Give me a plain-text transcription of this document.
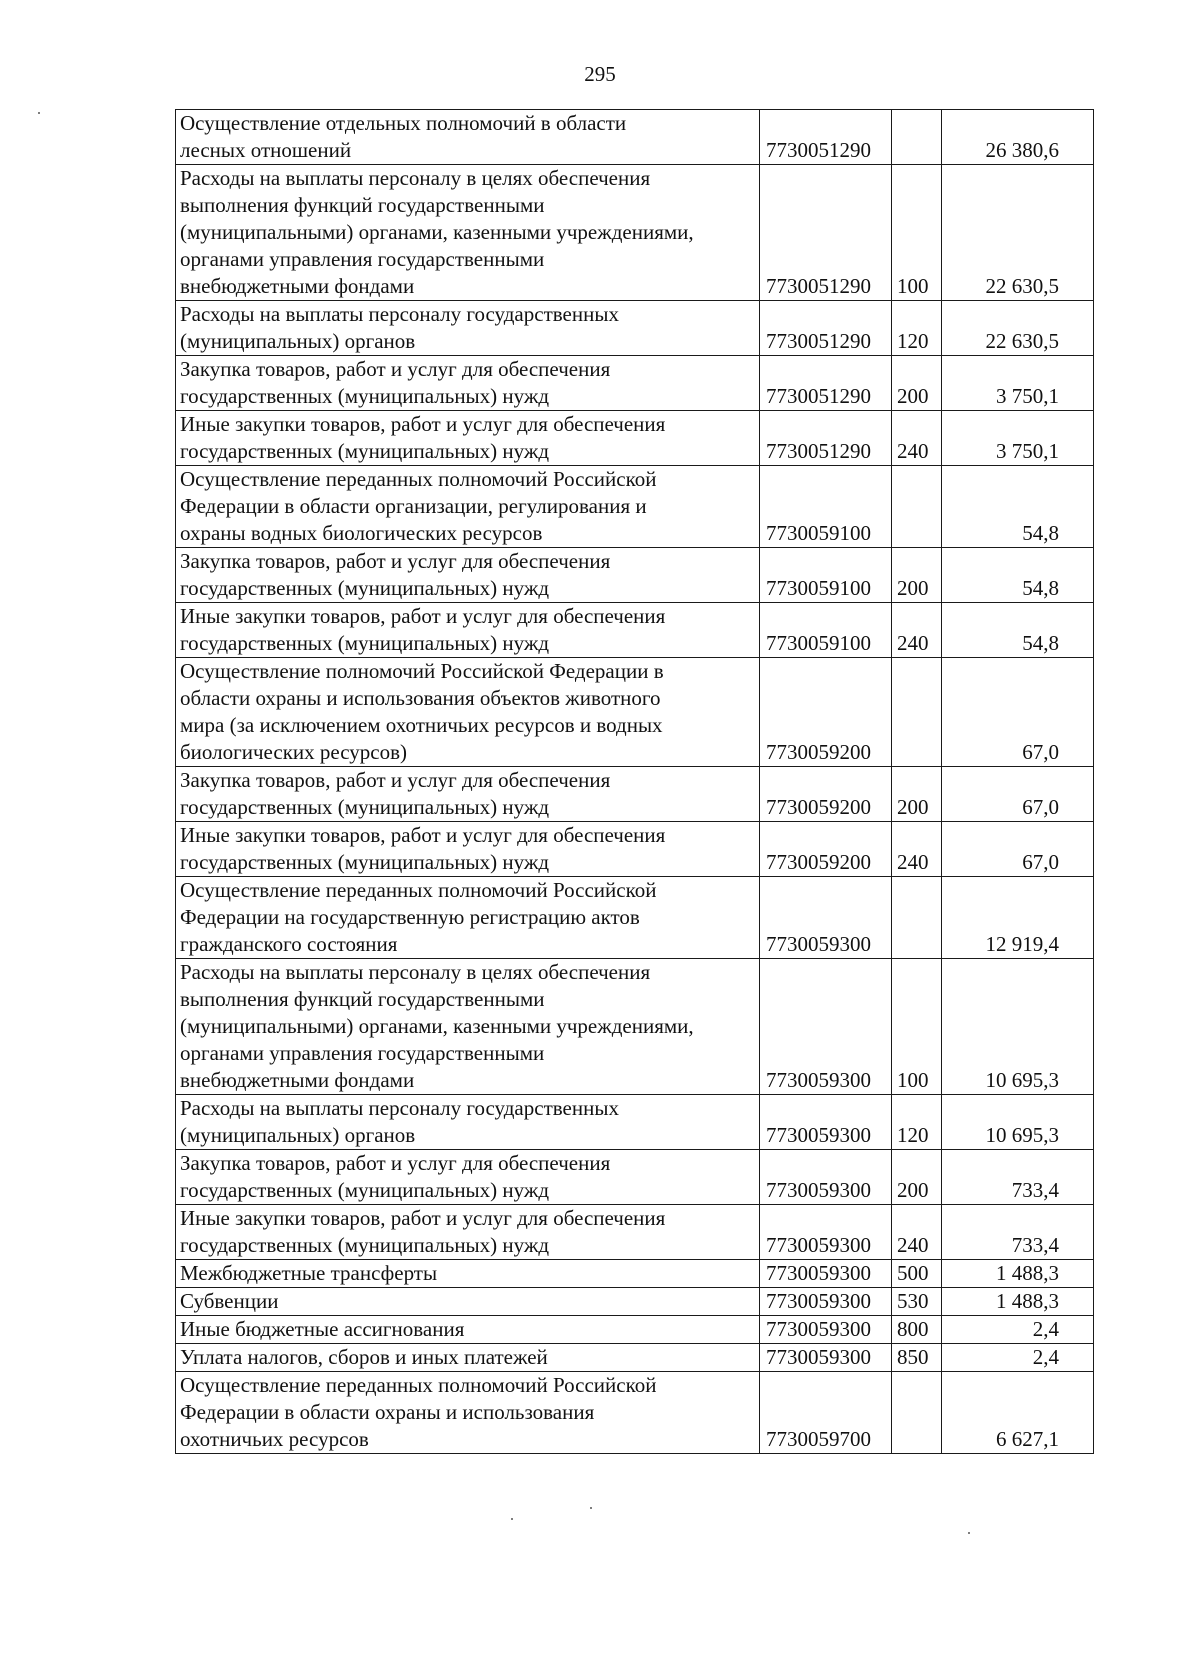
295
Осуществление отдельных полномочий в области
лесных отношений	7730051290		26 380,6

Расходы на выплаты персоналу в целях обеспечения
выполнения функций государственными
(муниципальными) органами, казенными учреждениями,
органами управления государственными
внебюджетными фондами	7730051290	100	22 630,5

Расходы на выплаты персоналу государственных
(муниципальных) органов	7730051290	120	22 630,5

Закупка товаров, работ и услуг для обеспечения
государственных (муниципальных) нужд	7730051290	200	3 750,1

Иные закупки товаров, работ и услуг для обеспечения
государственных (муниципальных) нужд	7730051290	240	3 750,1

Осуществление переданных полномочий Российской
Федерации в области организации, регулирования и
охраны водных биологических ресурсов	7730059100		54,8

Закупка товаров, работ и услуг для обеспечения
государственных (муниципальных) нужд	7730059100	200	54,8

Иные закупки товаров, работ и услуг для обеспечения
государственных (муниципальных) нужд	7730059100	240	54,8

Осуществление полномочий Российской Федерации в
области охраны и использования объектов животного
мира (за исключением охотничьих ресурсов и водных
биологических ресурсов)	7730059200		67,0

Закупка товаров, работ и услуг для обеспечения
государственных (муниципальных) нужд	7730059200	200	67,0

Иные закупки товаров, работ и услуг для обеспечения
государственных (муниципальных) нужд	7730059200	240	67,0

Осуществление переданных полномочий Российской
Федерации на государственную регистрацию актов
гражданского состояния	7730059300		12 919,4

Расходы на выплаты персоналу в целях обеспечения
выполнения функций государственными
(муниципальными) органами, казенными учреждениями,
органами управления государственными
внебюджетными фондами	7730059300	100	10 695,3

Расходы на выплаты персоналу государственных
(муниципальных) органов	7730059300	120	10 695,3

Закупка товаров, работ и услуг для обеспечения
государственных (муниципальных) нужд	7730059300	200	733,4

Иные закупки товаров, работ и услуг для обеспечения
государственных (муниципальных) нужд	7730059300	240	733,4

Межбюджетные трансферты	7730059300	500	1 488,3

Субвенции	7730059300	530	1 488,3

Иные бюджетные ассигнования	7730059300	800	2,4

Уплата налогов, сборов и иных платежей	7730059300	850	2,4

Осуществление переданных полномочий Российской
Федерации в области охраны и использования
охотничьих ресурсов	7730059700		6 627,1
